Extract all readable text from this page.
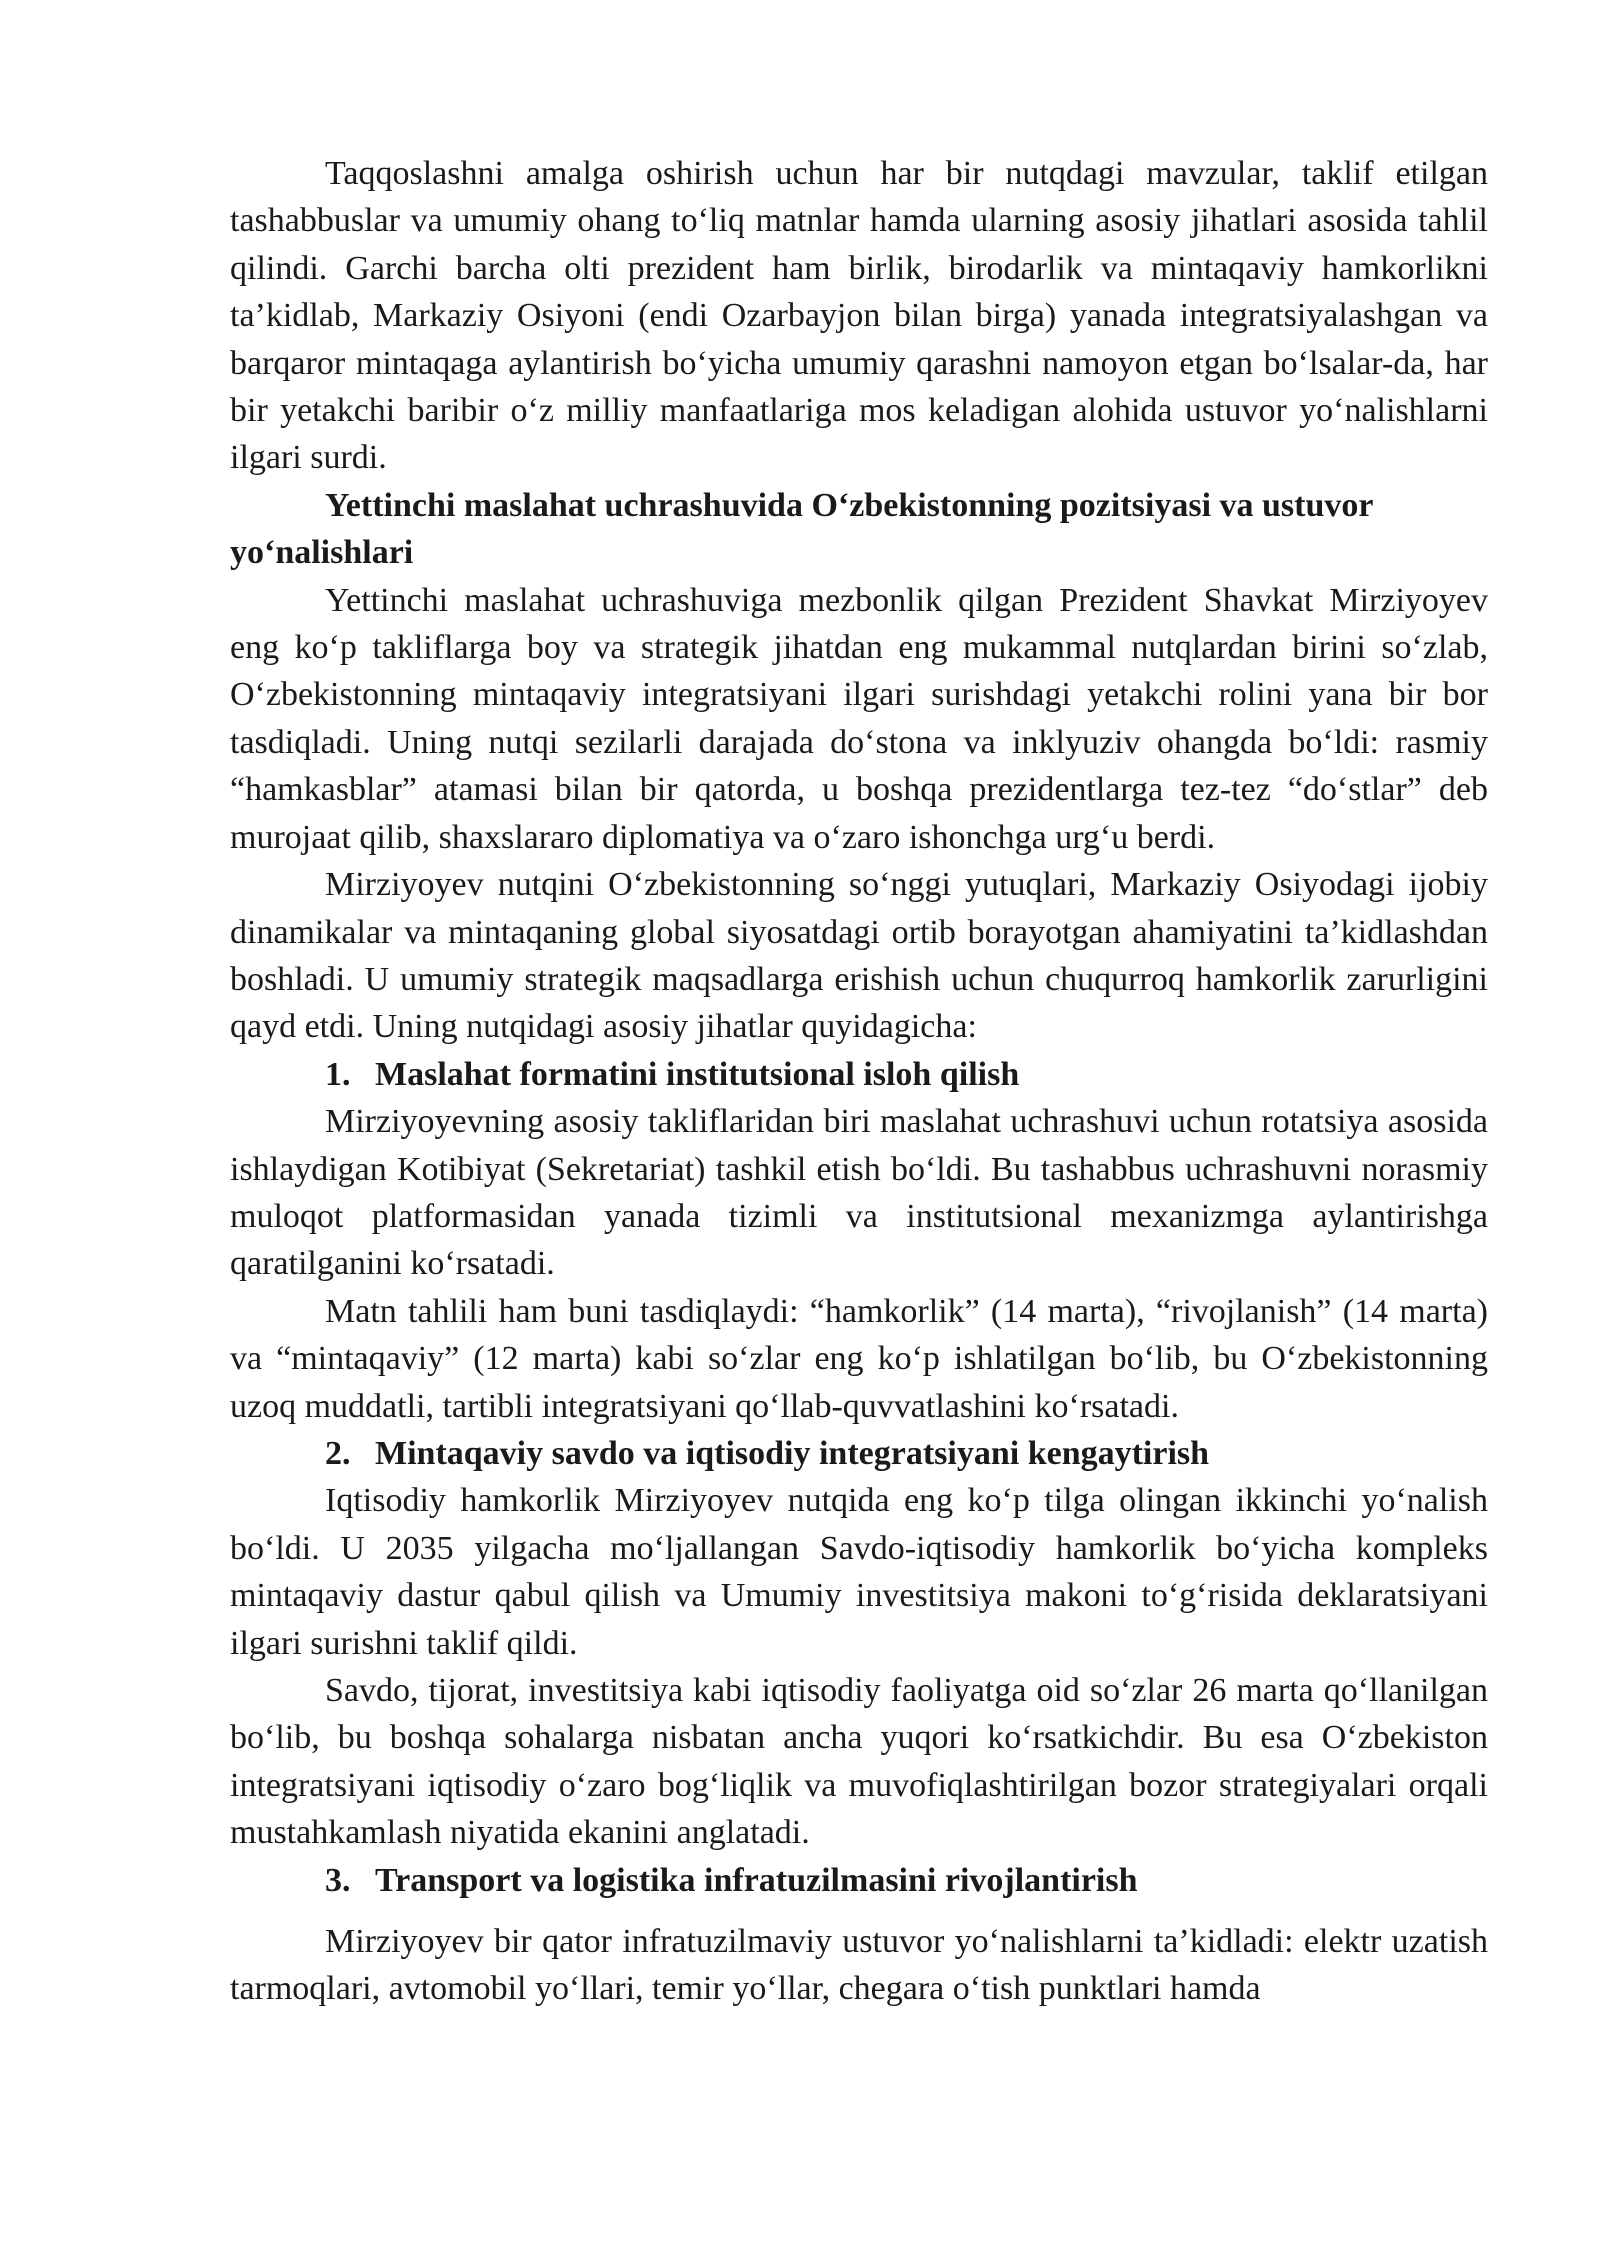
Taqqoslashni amalga oshirish uchun har bir nutqdagi mavzular, taklif etilgan tashabbuslar va umumiy ohang to‘liq matnlar hamda ularning asosiy jihatlari asosida tahlil qilindi. Garchi barcha olti prezident ham birlik, birodarlik va mintaqaviy hamkorlikni ta’kidlab, Markaziy Osiyoni (endi Ozarbayjon bilan birga) yanada integratsiyalashgan va barqaror mintaqaga aylantirish bo‘yicha umumiy qarashni namoyon etgan bo‘lsalar-da, har bir yetakchi baribir o‘z milliy manfaatlariga mos keladigan alohida ustuvor yo‘nalishlarni ilgari surdi.

Yettinchi maslahat uchrashuvida O‘zbekistonning pozitsiyasi va ustuvor yo‘nalishlari

Yettinchi maslahat uchrashuviga mezbonlik qilgan Prezident Shavkat Mirziyoyev eng ko‘p takliflarga boy va strategik jihatdan eng mukammal nutqlardan birini so‘zlab, O‘zbekistonning mintaqaviy integratsiyani ilgari surishdagi yetakchi rolini yana bir bor tasdiqladi. Uning nutqi sezilarli darajada do‘stona va inklyuziv ohangda bo‘ldi: rasmiy “hamkasblar” atamasi bilan bir qatorda, u boshqa prezidentlarga tez-tez “do‘stlar” deb murojaat qilib, shaxslararo diplomatiya va o‘zaro ishonchga urg‘u berdi.

Mirziyoyev nutqini O‘zbekistonning so‘nggi yutuqlari, Markaziy Osiyodagi ijobiy dinamikalar va mintaqaning global siyosatdagi ortib borayotgan ahamiyatini ta’kidlashdan boshladi. U umumiy strategik maqsadlarga erishish uchun chuqurroq hamkorlik zarurligini qayd etdi. Uning nutqidagi asosiy jihatlar quyidagicha:

1. Maslahat formatini institutsional isloh qilish

Mirziyoyevning asosiy takliflaridan biri maslahat uchrashuvi uchun rotatsiya asosida ishlaydigan Kotibiyat (Sekretariat) tashkil etish bo‘ldi. Bu tashabbus uchrashuvni norasmiy muloqot platformasidan yanada tizimli va institutsional mexanizmga aylantirishga qaratilganini ko‘rsatadi.

Matn tahlili ham buni tasdiqlaydi: “hamkorlik” (14 marta), “rivojlanish” (14 marta) va “mintaqaviy” (12 marta) kabi so‘zlar eng ko‘p ishlatilgan bo‘lib, bu O‘zbekistonning uzoq muddatli, tartibli integratsiyani qo‘llab-quvvatlashini ko‘rsatadi.

2. Mintaqaviy savdo va iqtisodiy integratsiyani kengaytirish

Iqtisodiy hamkorlik Mirziyoyev nutqida eng ko‘p tilga olingan ikkinchi yo‘nalish bo‘ldi. U 2035 yilgacha mo‘ljallangan Savdo-iqtisodiy hamkorlik bo‘yicha kompleks mintaqaviy dastur qabul qilish va Umumiy investitsiya makoni to‘g‘risida deklaratsiyani ilgari surishni taklif qildi.

Savdo, tijorat, investitsiya kabi iqtisodiy faoliyatga oid so‘zlar 26 marta qo‘llanilgan bo‘lib, bu boshqa sohalarga nisbatan ancha yuqori ko‘rsatkichdir. Bu esa O‘zbekiston integratsiyani iqtisodiy o‘zaro bog‘liqlik va muvofiqlashtirilgan bozor strategiyalari orqali mustahkamlash niyatida ekanini anglatadi.

3. Transport va logistika infratuzilmasini rivojlantirish

Mirziyoyev bir qator infratuzilmaviy ustuvor yo‘nalishlarni ta’kidladi: elektr uzatish tarmoqlari, avtomobil yo‘llari, temir yo‘llar, chegara o‘tish punktlari hamda
